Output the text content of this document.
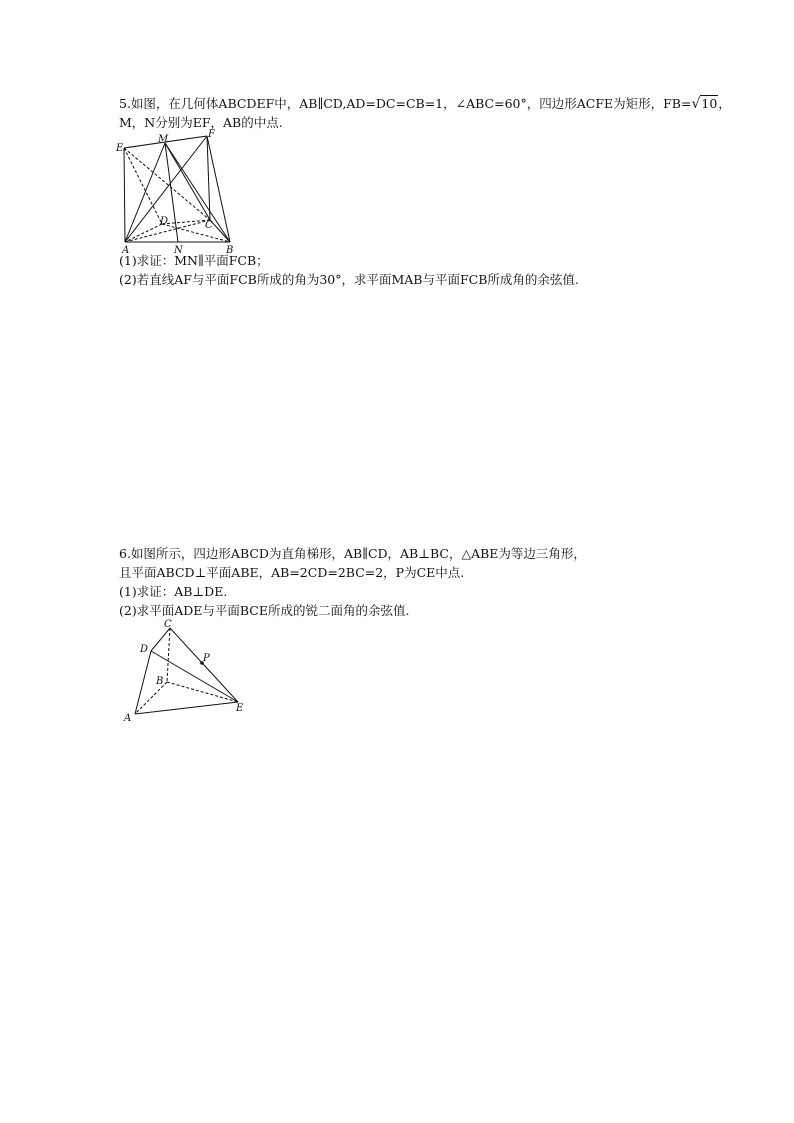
5.如图，在几何体ABCDEF中，AB∥CD,AD=DC=CB=1，∠ABC=60°，四边形ACFE为矩形，FB=√10，
M，N分别为EF，AB的中点.
E
M	F
D	C
A	N	B
(1)求证：MN∥平面FCB；
(2)若直线AF与平面FCB所成的角为30°，求平面MAB与平面FCB所成角的余弦值.
6.如图所示，四边形ABCD为直角梯形，AB∥CD，AB⊥BC，△ABE为等边三角形，
且平面ABCD⊥平面ABE，AB=2CD=2BC=2，P为CE中点.
(1)求证：AB⊥DE.
(2)求平面ADE与平面BCE所成的锐二面角的余弦值.
C
D
P
B
E
A
